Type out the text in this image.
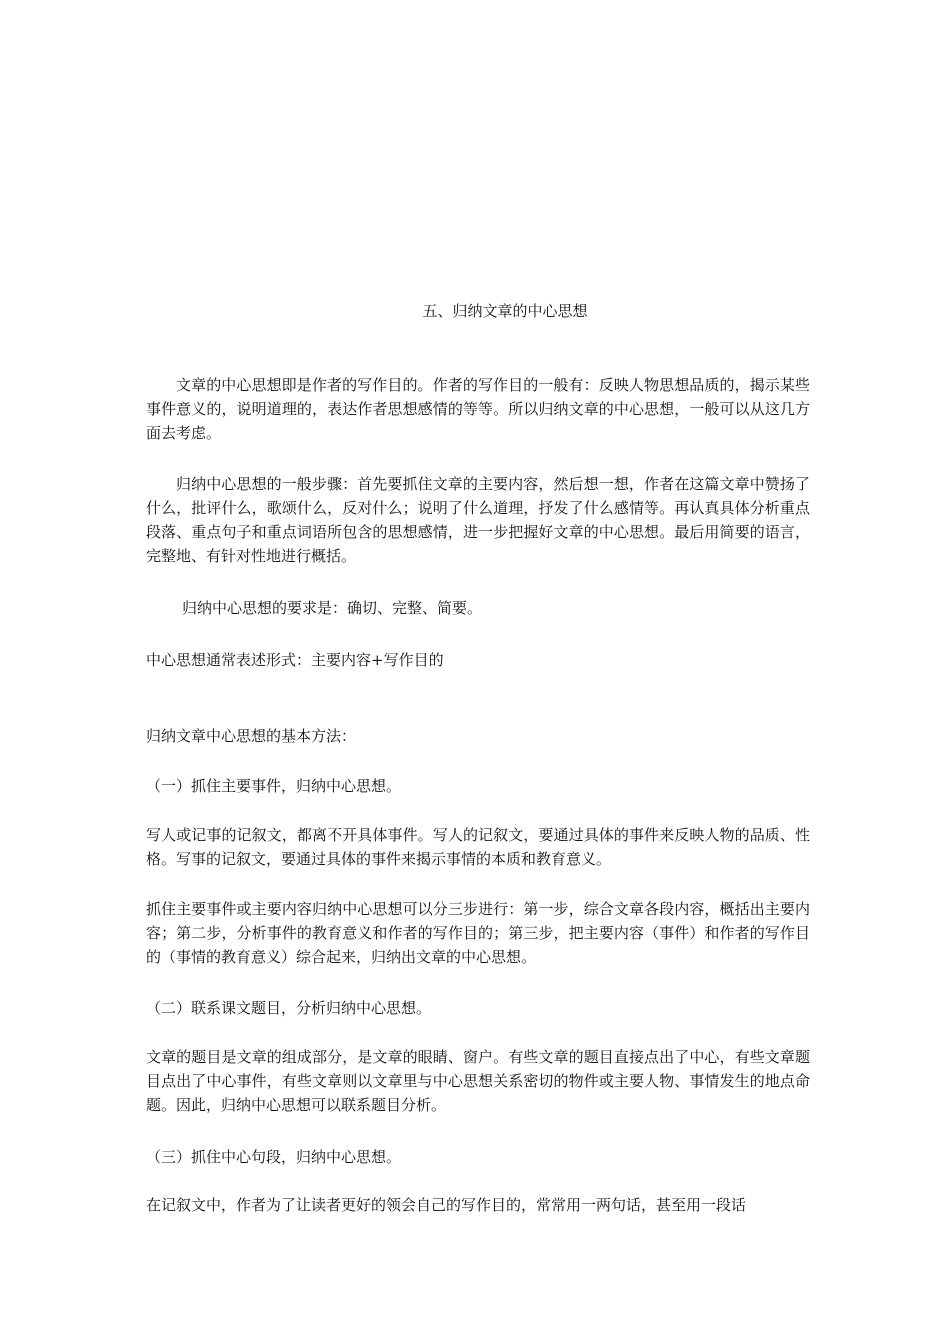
五、归纳文章的中心思想

文章的中心思想即是作者的写作目的。作者的写作目的一般有：反映人物思想品质的，揭示某些事件意义的，说明道理的，表达作者思想感情的等等。所以归纳文章的中心思想，一般可以从这几方面去考虑。

归纳中心思想的一般步骤：首先要抓住文章的主要内容，然后想一想，作者在这篇文章中赞扬了什么，批评什么，歌颂什么，反对什么；说明了什么道理，抒发了什么感情等。再认真具体分析重点段落、重点句子和重点词语所包含的思想感情，进一步把握好文章的中心思想。最后用简要的语言，完整地、有针对性地进行概括。

归纳中心思想的要求是：确切、完整、简要。

中心思想通常表述形式：主要内容+写作目的

归纳文章中心思想的基本方法：

（一）抓住主要事件，归纳中心思想。

写人或记事的记叙文，都离不开具体事件。写人的记叙文，要通过具体的事件来反映人物的品质、性格。写事的记叙文，要通过具体的事件来揭示事情的本质和教育意义。

抓住主要事件或主要内容归纳中心思想可以分三步进行：第一步，综合文章各段内容，概括出主要内容；第二步，分析事件的教育意义和作者的写作目的；第三步，把主要内容（事件）和作者的写作目的（事情的教育意义）综合起来，归纳出文章的中心思想。

（二）联系课文题目，分析归纳中心思想。

文章的题目是文章的组成部分，是文章的眼睛、窗户。有些文章的题目直接点出了中心，有些文章题目点出了中心事件，有些文章则以文章里与中心思想关系密切的物件或主要人物、事情发生的地点命题。因此，归纳中心思想可以联系题目分析。

（三）抓住中心句段，归纳中心思想。

在记叙文中，作者为了让读者更好的领会自己的写作目的，常常用一两句话，甚至用一段话
